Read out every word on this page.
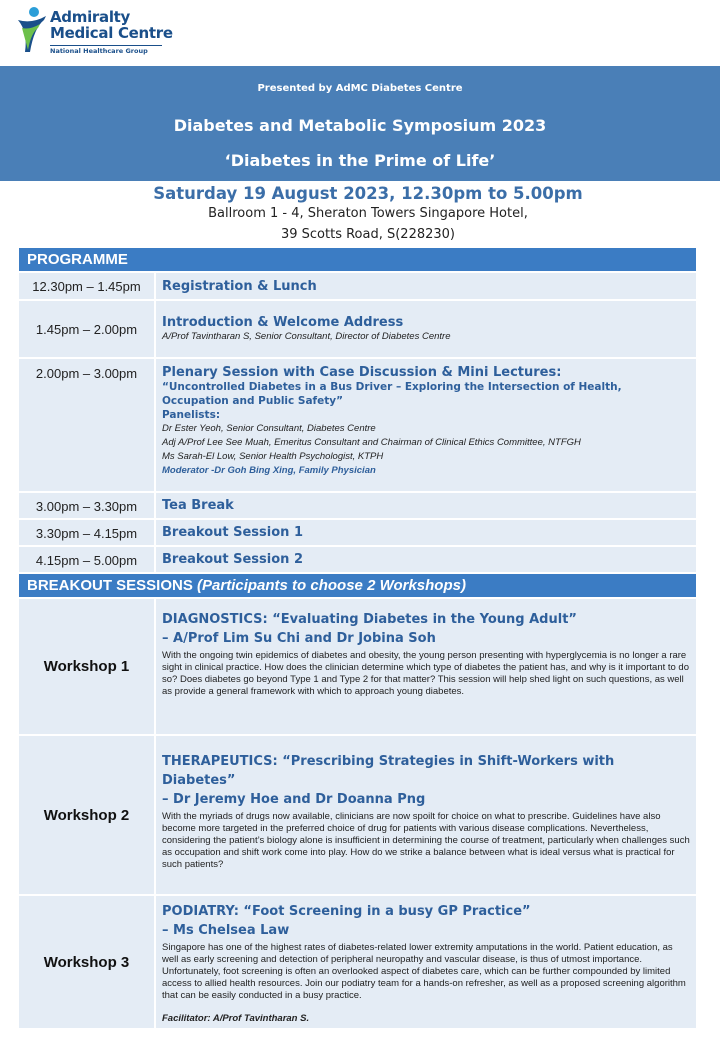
Admiralty
Medical Centre
National Healthcare Group
Presented by AdMC Diabetes Centre
Diabetes and Metabolic Symposium 2023
‘Diabetes in the Prime of Life’
Saturday 19 August 2023, 12.30pm to 5.00pm
Ballroom 1 - 4, Sheraton Towers Singapore Hotel,
39 Scotts Road, S(228230)
PROGRAMME
12.30pm – 1.45pm	Registration & Lunch
1.45pm – 2.00pm	Introduction & Welcome Address
A/Prof Tavintharan S, Senior Consultant, Director of Diabetes Centre
2.00pm – 3.00pm	Plenary Session with Case Discussion & Mini Lectures:
“Uncontrolled Diabetes in a Bus Driver – Exploring the Intersection of Health, Occupation and Public Safety”
Panelists:
Dr Ester Yeoh, Senior Consultant, Diabetes Centre
Adj A/Prof Lee See Muah, Emeritus Consultant and Chairman of Clinical Ethics Committee, NTFGH
Ms Sarah-El Low, Senior Health Psychologist, KTPH
Moderator -Dr Goh Bing Xing, Family Physician
3.00pm – 3.30pm	Tea Break
3.30pm – 4.15pm	Breakout Session 1
4.15pm – 5.00pm	Breakout Session 2
BREAKOUT SESSIONS (Participants to choose 2 Workshops)
Workshop 1
DIAGNOSTICS: “Evaluating Diabetes in the Young Adult”
– A/Prof Lim Su Chi and Dr Jobina Soh
With the ongoing twin epidemics of diabetes and obesity, the young person presenting with hyperglycemia is no longer a rare sight in clinical practice. How does the clinician determine which type of diabetes the patient has, and why is it important to do so? Does diabetes go beyond Type 1 and Type 2 for that matter? This session will help shed light on such questions, as well as provide a general framework with which to approach young diabetes.
Workshop 2
THERAPEUTICS: “Prescribing Strategies in Shift-Workers with Diabetes”
– Dr Jeremy Hoe and Dr Doanna Png
With the myriads of drugs now available, clinicians are now spoilt for choice on what to prescribe. Guidelines have also become more targeted in the preferred choice of drug for patients with various disease complications. Nevertheless, considering the patient’s biology alone is insufficient in determining the course of treatment, particularly when challenges such as occupation and shift work come into play. How do we strike a balance between what is ideal versus what is practical for such patients?
Workshop 3
PODIATRY: “Foot Screening in a busy GP Practice”
– Ms Chelsea Law
Singapore has one of the highest rates of diabetes-related lower extremity amputations in the world. Patient education, as well as early screening and detection of peripheral neuropathy and vascular disease, is thus of utmost importance. Unfortunately, foot screening is often an overlooked aspect of diabetes care, which can be further compounded by limited access to allied health resources. Join our podiatry team for a hands-on refresher, as well as a proposed screening algorithm that can be easily conducted in a busy practice.
Facilitator: A/Prof Tavintharan S.
